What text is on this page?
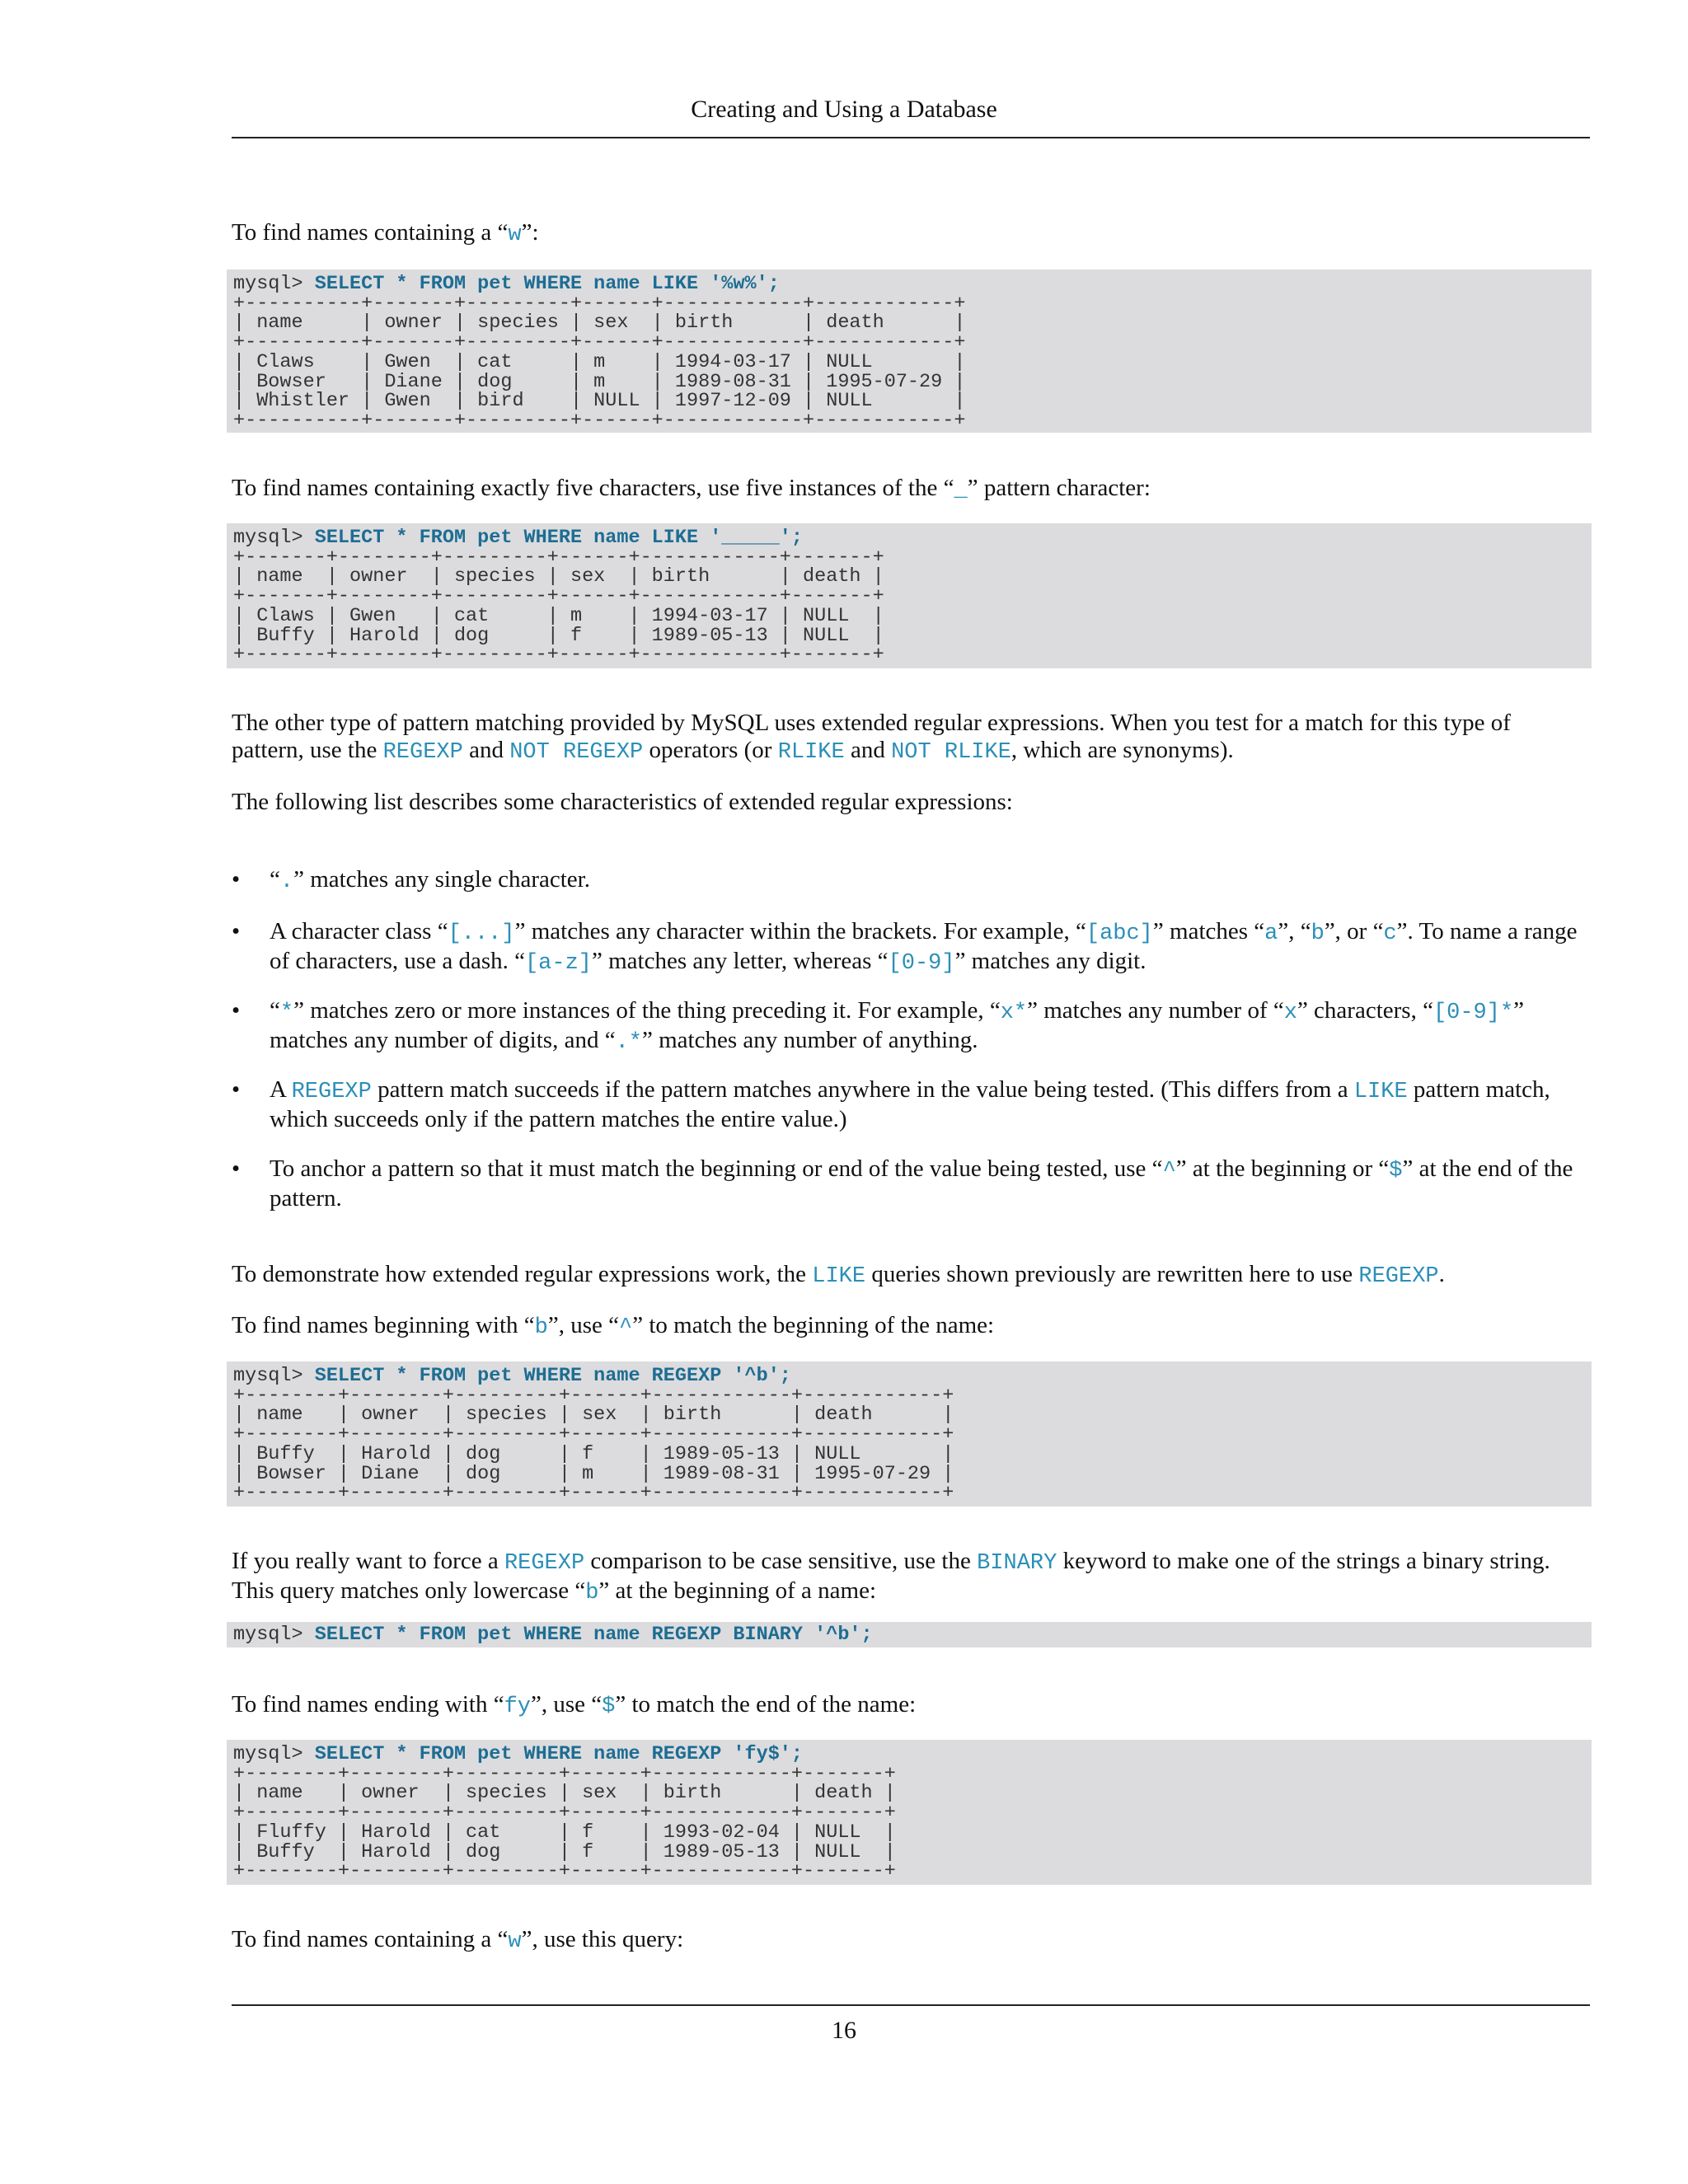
Creating and Using a Database
To find names containing a “w”:
mysql> SELECT * FROM pet WHERE name LIKE '%w%';
+----------+-------+---------+------+------------+------------+
| name     | owner | species | sex  | birth      | death      |
+----------+-------+---------+------+------------+------------+
| Claws    | Gwen  | cat     | m    | 1994-03-17 | NULL       |
| Bowser   | Diane | dog     | m    | 1989-08-31 | 1995-07-29 |
| Whistler | Gwen  | bird    | NULL | 1997-12-09 | NULL       |
+----------+-------+---------+------+------------+------------+
To find names containing exactly five characters, use five instances of the “_” pattern character:
mysql> SELECT * FROM pet WHERE name LIKE '_____';
+-------+--------+---------+------+------------+-------+
| name  | owner  | species | sex  | birth      | death |
+-------+--------+---------+------+------------+-------+
| Claws | Gwen   | cat     | m    | 1994-03-17 | NULL  |
| Buffy | Harold | dog     | f    | 1989-05-13 | NULL  |
+-------+--------+---------+------+------------+-------+
The other type of pattern matching provided by MySQL uses extended regular expressions. When you test for a match for this type of pattern, use the REGEXP and NOT REGEXP operators (or RLIKE and NOT RLIKE, which are synonyms).
The following list describes some characteristics of extended regular expressions:
• “.” matches any single character.
• A character class “[...]” matches any character within the brackets. For example, “[abc]” matches “a”, “b”, or “c”. To name a range of characters, use a dash. “[a-z]” matches any letter, whereas “[0-9]” matches any digit.
• “*” matches zero or more instances of the thing preceding it. For example, “x*” matches any number of “x” characters, “[0-9]*” matches any number of digits, and “.*” matches any number of anything.
• A REGEXP pattern match succeeds if the pattern matches anywhere in the value being tested. (This differs from a LIKE pattern match, which succeeds only if the pattern matches the entire value.)
• To anchor a pattern so that it must match the beginning or end of the value being tested, use “^” at the beginning or “$” at the end of the pattern.
To demonstrate how extended regular expressions work, the LIKE queries shown previously are rewritten here to use REGEXP.
To find names beginning with “b”, use “^” to match the beginning of the name:
mysql> SELECT * FROM pet WHERE name REGEXP '^b';
+--------+--------+---------+------+------------+------------+
| name   | owner  | species | sex  | birth      | death      |
+--------+--------+---------+------+------------+------------+
| Buffy  | Harold | dog     | f    | 1989-05-13 | NULL       |
| Bowser | Diane  | dog     | m    | 1989-08-31 | 1995-07-29 |
+--------+--------+---------+------+------------+------------+
If you really want to force a REGEXP comparison to be case sensitive, use the BINARY keyword to make one of the strings a binary string. This query matches only lowercase “b” at the beginning of a name:
mysql> SELECT * FROM pet WHERE name REGEXP BINARY '^b';
To find names ending with “fy”, use “$” to match the end of the name:
mysql> SELECT * FROM pet WHERE name REGEXP 'fy$';
+--------+--------+---------+------+------------+-------+
| name   | owner  | species | sex  | birth      | death |
+--------+--------+---------+------+------------+-------+
| Fluffy | Harold | cat     | f    | 1993-02-04 | NULL  |
| Buffy  | Harold | dog     | f    | 1989-05-13 | NULL  |
+--------+--------+---------+------+------------+-------+
To find names containing a “w”, use this query:
16
